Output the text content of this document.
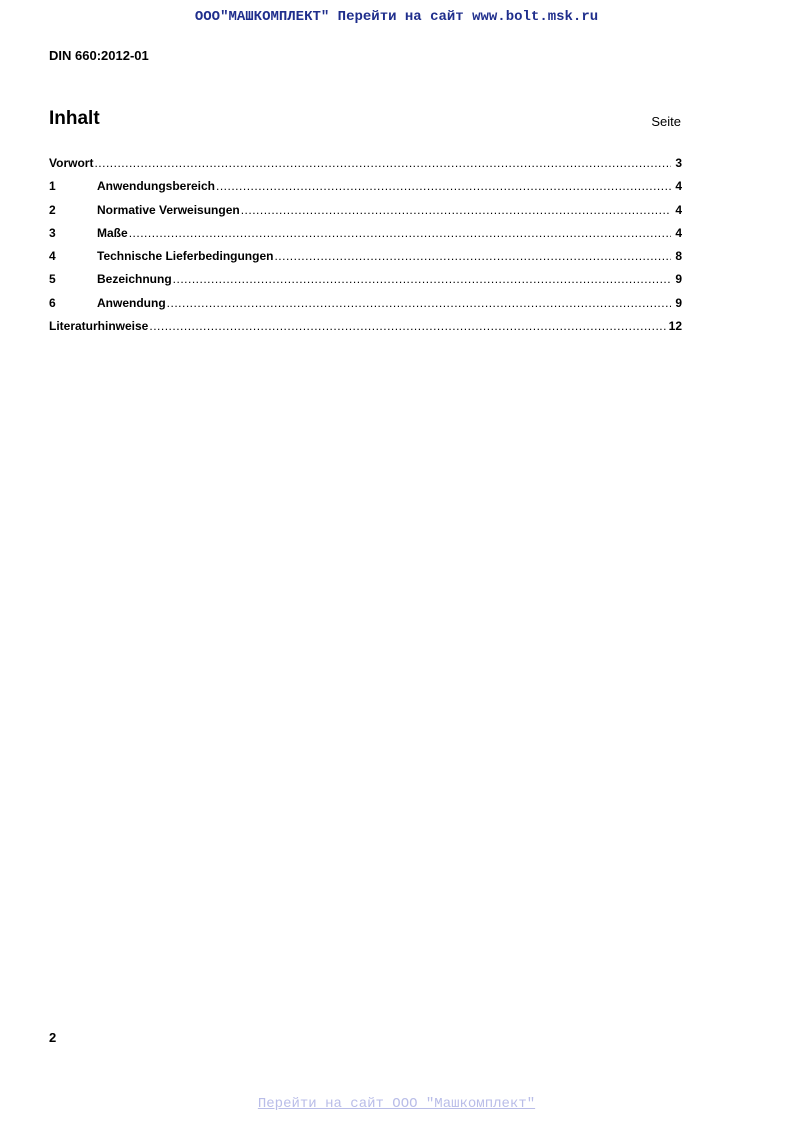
ООО"МАШКОМПЛЕКТ" Перейти на сайт www.bolt.msk.ru
DIN 660:2012-01
Inhalt	Seite
Vorwort .....	3
1	Anwendungsbereich .....	4
2	Normative Verweisungen .....	4
3	Maße .....	4
4	Technische Lieferbedingungen .....	8
5	Bezeichnung .....	9
6	Anwendung .....	9
Literaturhinweise .....	12
2
Перейти на сайт ООО "Машкомплект"
